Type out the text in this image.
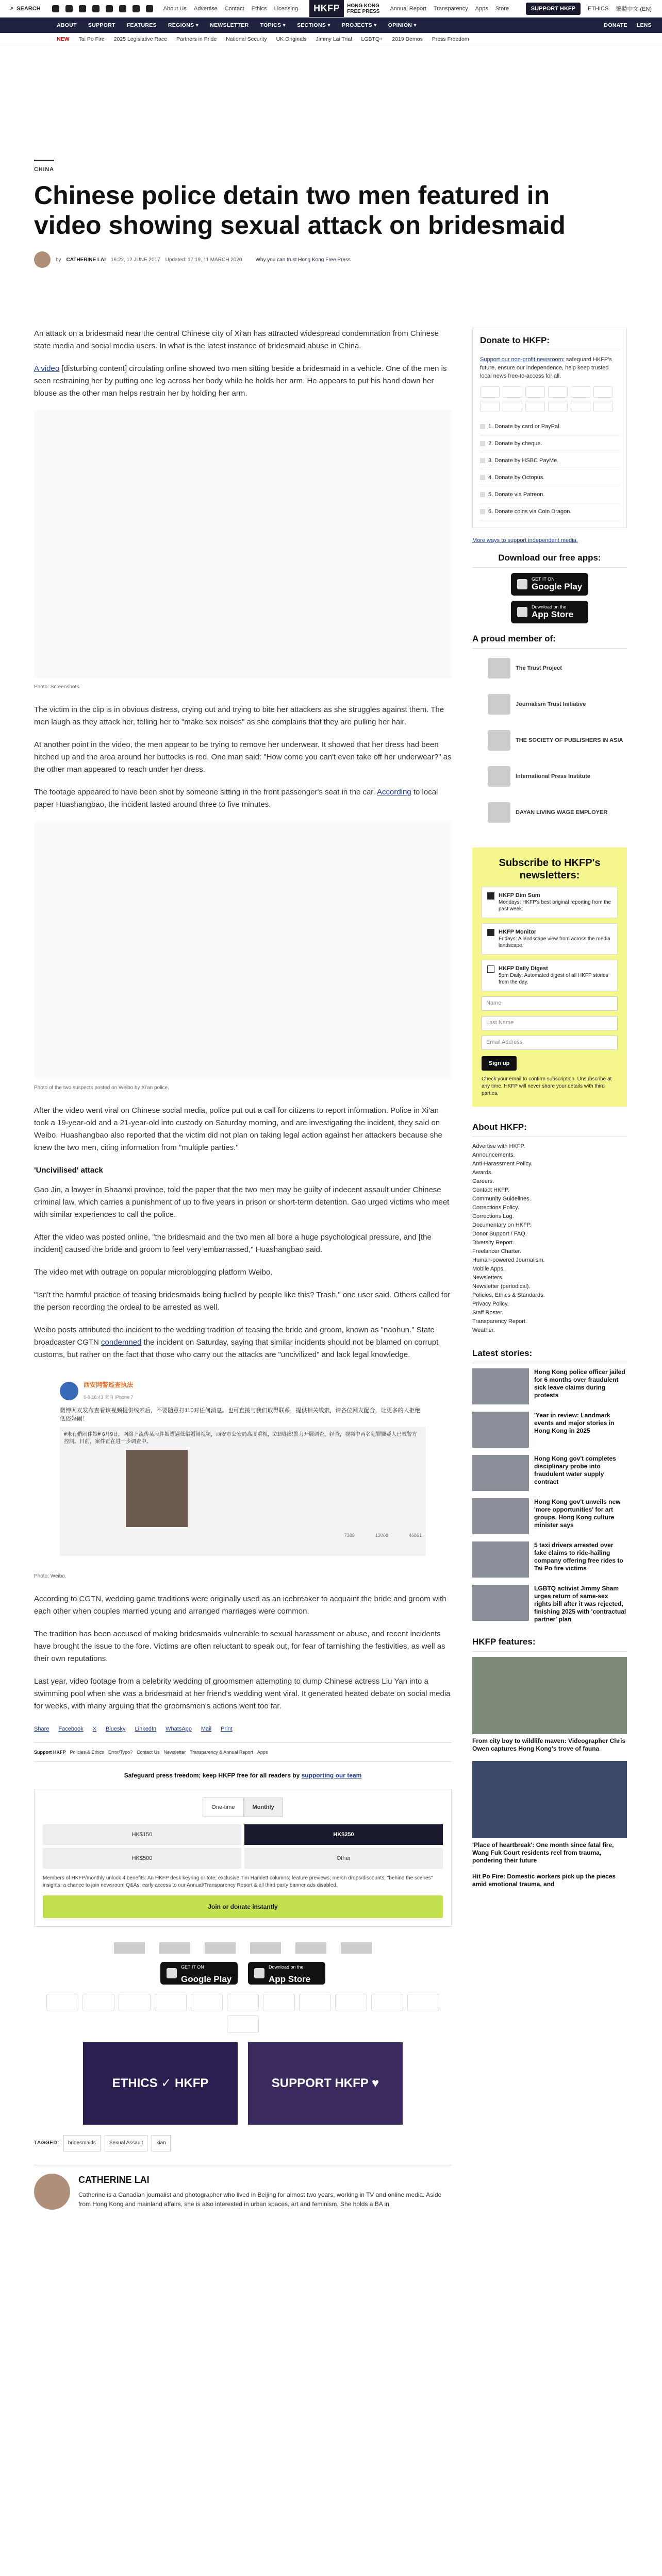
⌕ SEARCH	About Us Advertise Contact Ethics Licensing	HKFP	HONG KONG
FREE PRESS Annual Report Transparency Apps Store	SUPPORT HKFP	ETHICS 繁體中文 (EN)
ABOUT SUPPORT FEATURES REGIONS ▾ NEWSLETTER TOPICS ▾ SECTIONS ▾ PROJECTS ▾ OPINION ▾	DONATE LENS
NEW Tai Po Fire 2025 Legislative Race Partners in Pride National Security UK Originals Jimmy Lai Trial LGBTQ+ 2019 Demos Press Freedom
CHINA
Chinese police detain two men featured in video showing sexual attack on bridesmaid
by CATHERINE LAI 16:22, 12 JUNE 2017 Updated: 17:19, 11 MARCH 2020	Why you can trust Hong Kong Free Press

An attack on a bridesmaid near the central Chinese city of Xi'an has attracted widespread condemnation from Chinese state media and social media users. In what is the latest instance of bridesmaid abuse in China.

A video [disturbing content] circulating online showed two men sitting beside a bridesmaid in a vehicle. One of the men is seen restraining her by putting one leg across her body while he holds her arm. He appears to put his hand down her blouse as the other man helps restrain her by holding her arm.

Photo: Screenshots.

The victim in the clip is in obvious distress, crying out and trying to bite her attackers as she struggles against them. The men laugh as they attack her, telling her to "make sex noises" as she complains that they are pulling her hair.

At another point in the video, the men appear to be trying to remove her underwear. It showed that her dress had been hitched up and the area around her buttocks is red. One man said: "How come you can't even take off her underwear?" as the other man appeared to reach under her dress.

The footage appeared to have been shot by someone sitting in the front passenger's seat in the car. According to local paper Huashangbao, the incident lasted around three to five minutes.

Photo of the two suspects posted on Weibo by Xi'an police.

After the video went viral on Chinese social media, police put out a call for citizens to report information. Police in Xi'an took a 19-year-old and a 21-year-old into custody on Saturday morning, and are investigating the incident, they said on Weibo. Huashangbao also reported that the victim did not plan on taking legal action against her attackers because she knew the two men, citing information from "multiple parties."

'Uncivilised' attack

Gao Jin, a lawyer in Shaanxi province, told the paper that the two men may be guilty of indecent assault under Chinese criminal law, which carries a punishment of up to five years in prison or short-term detention. Gao urged victims who meet with similar experiences to call the police.

After the video was posted online, "the bridesmaid and the two men all bore a huge psychological pressure, and [the incident] caused the bride and groom to feel very embarrassed," Huashangbao said.

The video met with outrage on popular microblogging platform Weibo.

"Isn't the harmful practice of teasing bridesmaids being fuelled by people like this? Trash," one user said. Others called for the person recording the ordeal to be arrested as well.

Weibo posts attributed the incident to the wedding tradition of teasing the bride and groom, known as "naohun." State broadcaster CGTN condemned the incident on Saturday, saying that similar incidents should not be blamed on corrupt customs, but rather on the fact that those who carry out the attacks are "uncivilized" and lack legal knowledge.

西安网警巡查执法
6-9 16:43 来自 iPhone 7
微博网友发布查看该视频提供线索后，不要随意打110对任何消息。也可直接与我们取得联系，提供相关线索，请各位网友配合，让更多的人拒绝低俗婚闹！
#未有婚闹伴娘# 6月9日，网络上流传某段伴娘遭遇低俗婚闹视频，西安市公安局高度重视，立即组织警力开展调查。经查，视频中两名犯罪嫌疑人已被警方控制。目前，案件正在进一步调查中。
7388	13008	46861
Photo: Weibo.

According to CGTN, wedding game traditions were originally used as an icebreaker to acquaint the bride and groom with each other when couples married young and arranged marriages were common.

The tradition has been accused of making bridesmaids vulnerable to sexual harassment or abuse, and recent incidents have brought the issue to the fore. Victims are often reluctant to speak out, for fear of tarnishing the festivities, as well as their own reputations.

Last year, video footage from a celebrity wedding of groomsmen attempting to dump Chinese actress Liu Yan into a swimming pool when she was a bridesmaid at her friend's wedding went viral. It generated heated debate on social media for weeks, with many arguing that the groomsmen's actions went too far.

Share Facebook X Bluesky LinkedIn WhatsApp Mail Print
Support HKFP Policies & Ethics Error/Typo? Contact Us Newsletter Transparency & Annual Report Apps
Safeguard press freedom; keep HKFP free for all readers by supporting our team
One-time	Monthly
HK$150	HK$250
HK$500	Other
Members of HKFP/monthly unlock 4 benefits: An HKFP desk keyring or tote; exclusive Tim Hamlett columns; feature previews; merch drops/discounts; "behind the scenes" insights; a chance to join newsroom Q&As; early access to our Annual/Transparency Report & all third party banner ads disabled.
Join or donate instantly
GET IT ON
Google Play
Download on the
App Store
ETHICS ✓ HKFP	SUPPORT HKFP ♥
TAGGED:	bridesmaids	Sexual Assault	xian
CATHERINE LAI

Catherine is a Canadian journalist and photographer who lived in Beijing for almost two years, working in TV and online media. Aside from Hong Kong and mainland affairs, she is also interested in urban spaces, art and feminism. She holds a BA in

Donate to HKFP:
Support our non-profit newsroom: safeguard HKFP's future, ensure our independence, help keep trusted local news free-to-access for all.
1. Donate by card or PayPal.
2. Donate by cheque.
3. Donate by HSBC PayMe.
4. Donate by Octopus.
5. Donate via Patreon.
6. Donate coins via Coin Dragon.
More ways to support independent media.
Download our free apps:
GET IT ON
Google Play
Download on the
App Store
A proud member of:
The Trust Project
Journalism Trust Initiative
THE SOCIETY OF PUBLISHERS IN ASIA
International Press Institute
DAYAN LIVING WAGE EMPLOYER
Subscribe to HKFP's newsletters:
HKFP Dim Sum
Mondays: HKFP's best original reporting from the past week.
HKFP Monitor
Fridays: A landscape view from across the media landscape.
HKFP Daily Digest
5pm Daily: Automated digest of all HKFP stories from the day.
Name
Last Name
Email Address
Sign up
Check your email to confirm subscription. Unsubscribe at any time. HKFP will never share your details with third parties.
About HKFP:
Advertise with HKFP.
Announcements.
Anti-Harassment Policy.
Awards.
Careers.
Contact HKFP.
Community Guidelines.
Corrections Policy.
Corrections Log.
Documentary on HKFP.
Donor Support / FAQ.
Diversity Report.
Freelancer Charter.
Human-powered Journalism.
Mobile Apps.
Newsletters.
Newsletter (periodical).
Policies, Ethics & Standards.
Privacy Policy.
Staff Roster.
Transparency Report.
Weather.
Latest stories:
Hong Kong police officer jailed for 6 months over fraudulent sick leave claims during protests
'Year in review: Landmark events and major stories in Hong Kong in 2025
Hong Kong gov't completes disciplinary probe into fraudulent water supply contract
Hong Kong gov't unveils new 'more opportunities' for art groups, Hong Kong culture minister says
5 taxi drivers arrested over fake claims to ride-hailing company offering free rides to Tai Po fire victims
LGBTQ activist Jimmy Sham urges return of same-sex rights bill after it was rejected, finishing 2025 with 'contractual partner' plan
HKFP features:
From city boy to wildlife maven: Videographer Chris Owen captures Hong Kong's trove of fauna
'Place of heartbreak': One month since fatal fire, Wang Fuk Court residents reel from trauma, pondering their future
Hit Po Fire: Domestic workers pick up the pieces amid emotional trauma, and
